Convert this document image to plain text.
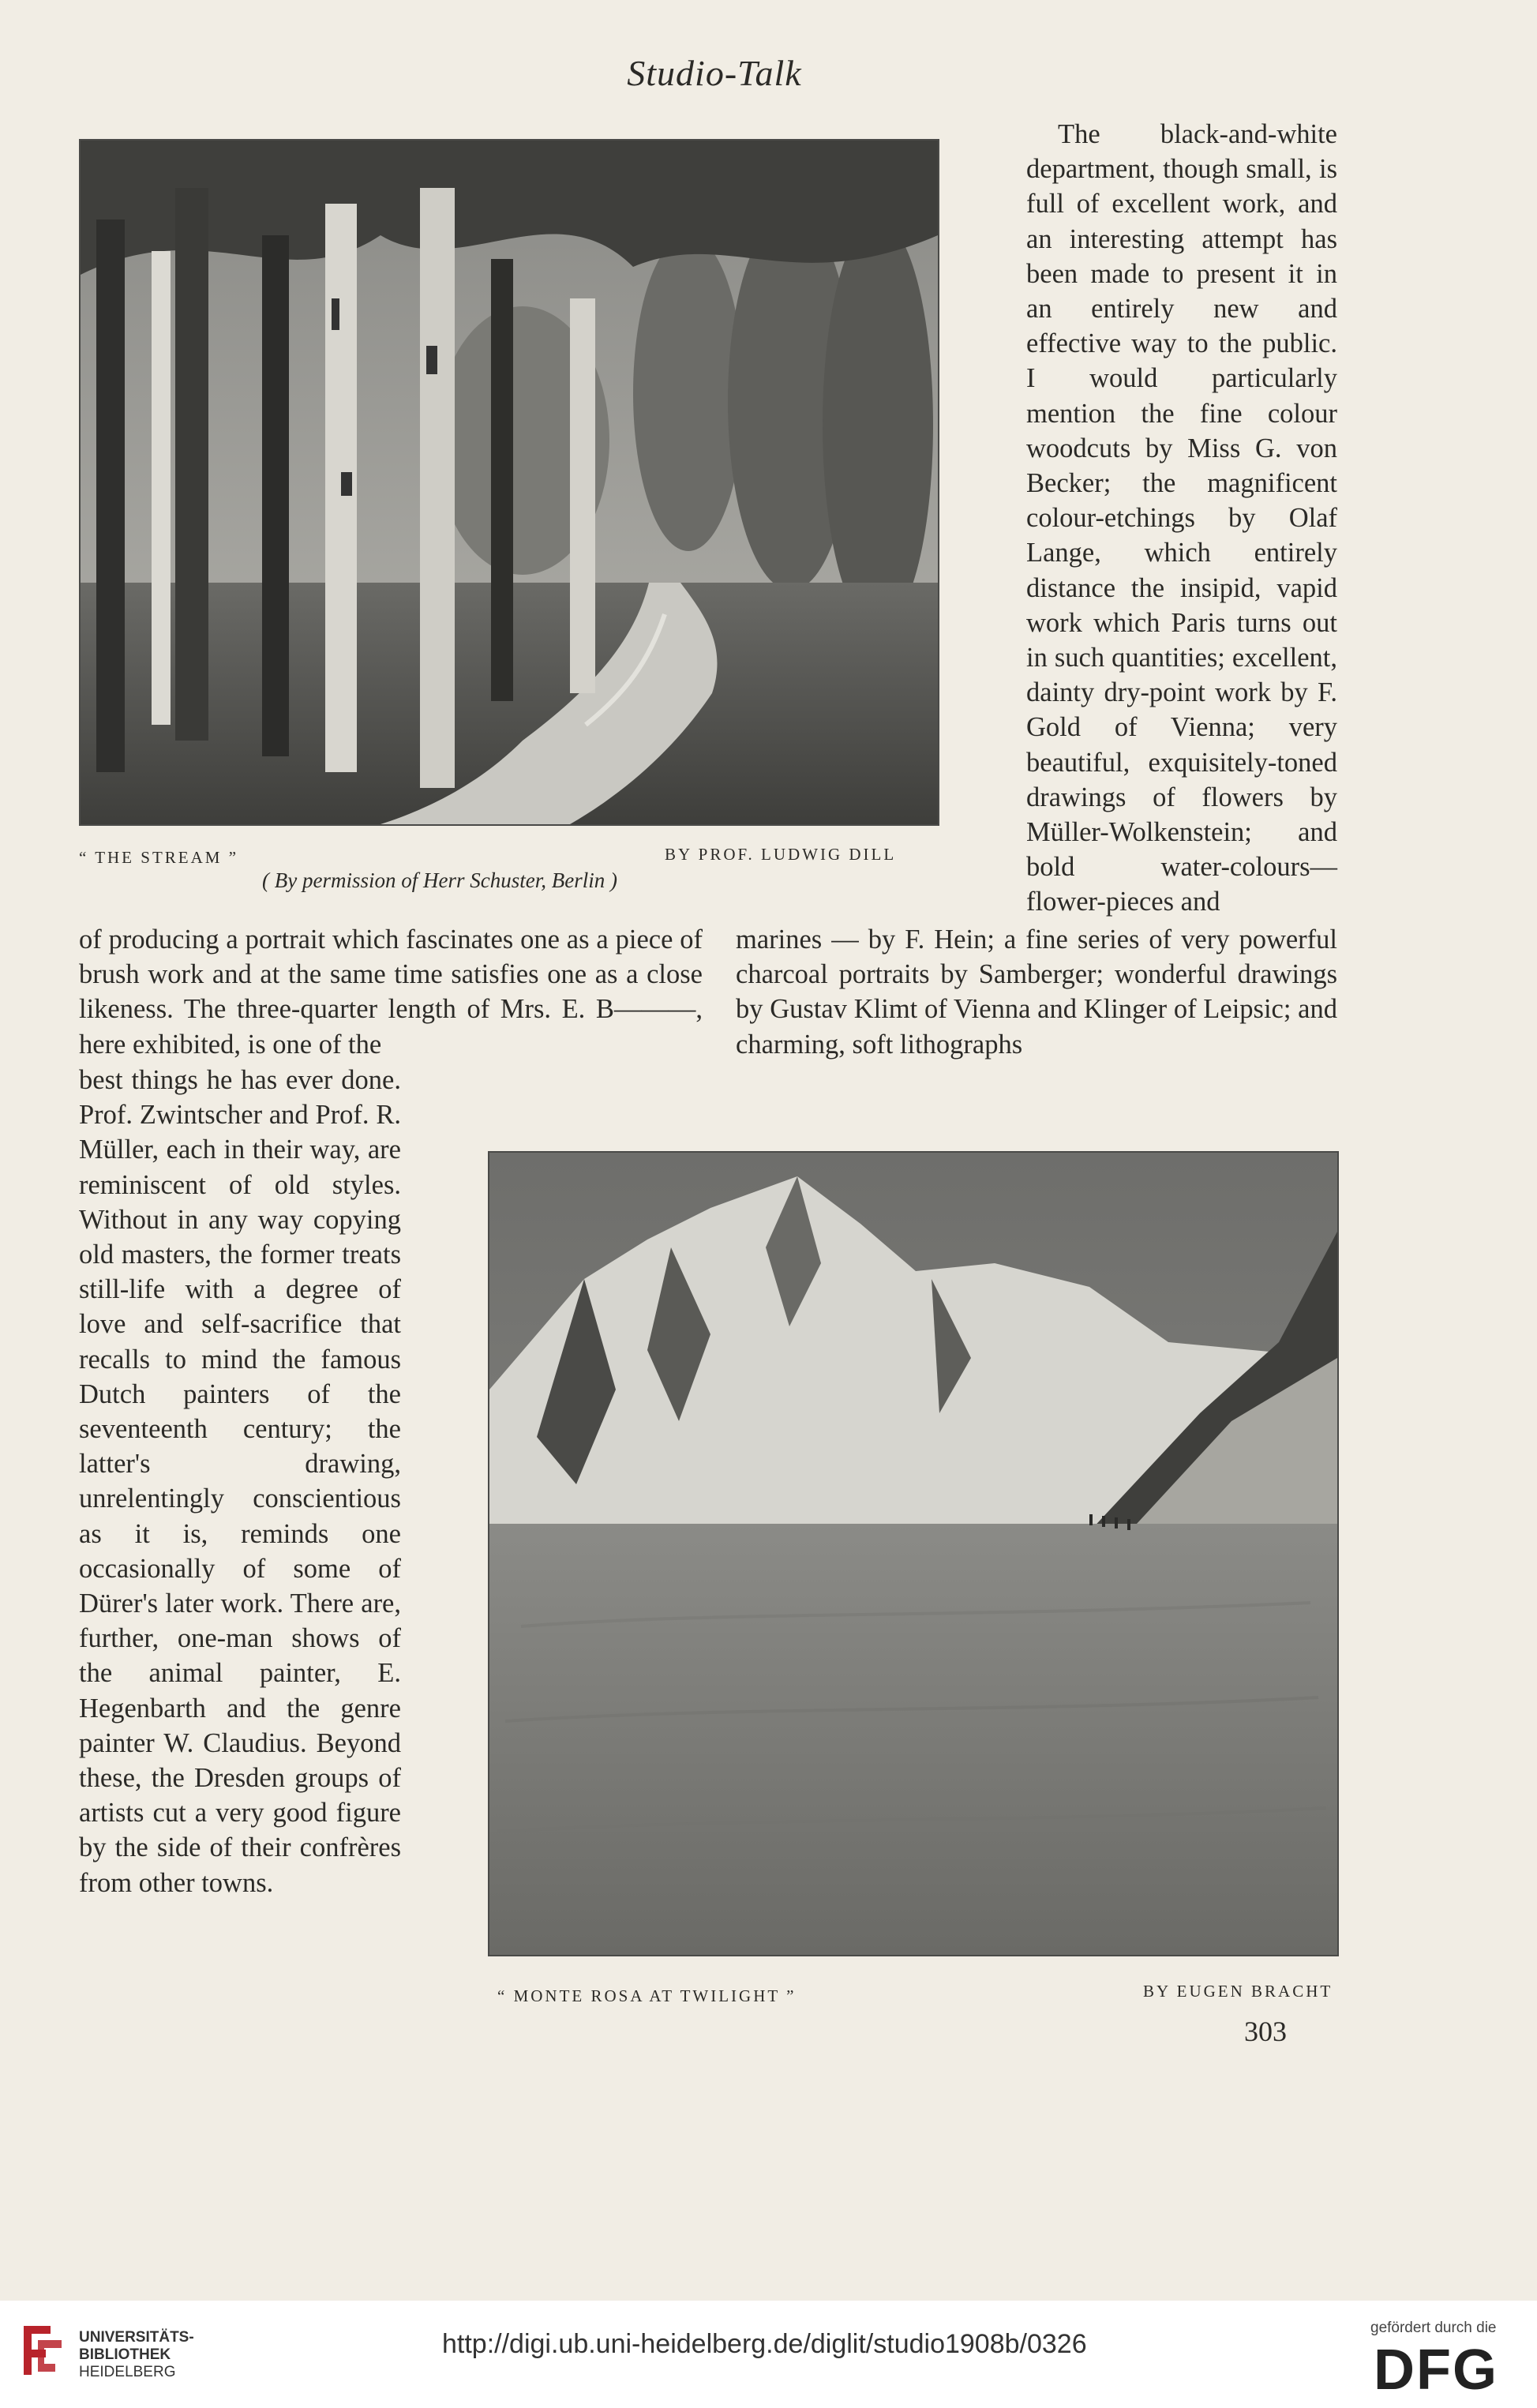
Studio-Talk
“ THE STREAM ”	BY PROF. LUDWIG DILL
( By permission of Herr Schuster, Berlin )

The black-and-white department, though small, is full of excellent work, and an interesting attempt has been made to present it in an entirely new and effective way to the public. I would particularly mention the fine colour woodcuts by Miss G. von Becker; the magnificent colour-etchings by Olaf Lange, which entirely distance the insipid, vapid work which Paris turns out in such quantities; excellent, dainty dry-point work by F. Gold of Vienna; very beautiful, exquisitely-toned drawings of flowers by Müller-Wolkenstein; and bold water-colours—flower-pieces and

of producing a portrait which fascinates one as a piece of brush work and at the same time satisfies one as a close likeness. The three-quarter length of Mrs. E. B———, here exhibited, is one of the

marines — by F. Hein; a fine series of very powerful charcoal portraits by Samberger; wonderful drawings by Gustav Klimt of Vienna and Klinger of Leipsic; and charming, soft lithographs

best things he has ever done. Prof. Zwintscher and Prof. R. Müller, each in their way, are reminiscent of old styles. Without in any way copying old masters, the former treats still-life with a degree of love and self-sacrifice that recalls to mind the famous Dutch painters of the seventeenth century; the latter's drawing, unrelentingly conscientious as it is, reminds one occasionally of some of Dürer's later work. There are, further, one-man shows of the animal painter, E. Hegenbarth and the genre painter W. Claudius. Beyond these, the Dresden groups of artists cut a very good figure by the side of their confrères from other towns.

“ MONTE ROSA AT TWILIGHT ”	BY EUGEN BRACHT
303
UNIVERSITÄTS-
BIBLIOTHEK
HEIDELBERG
http://digi.ub.uni-heidelberg.de/diglit/studio1908b/0326
gefördert durch die
DFG
